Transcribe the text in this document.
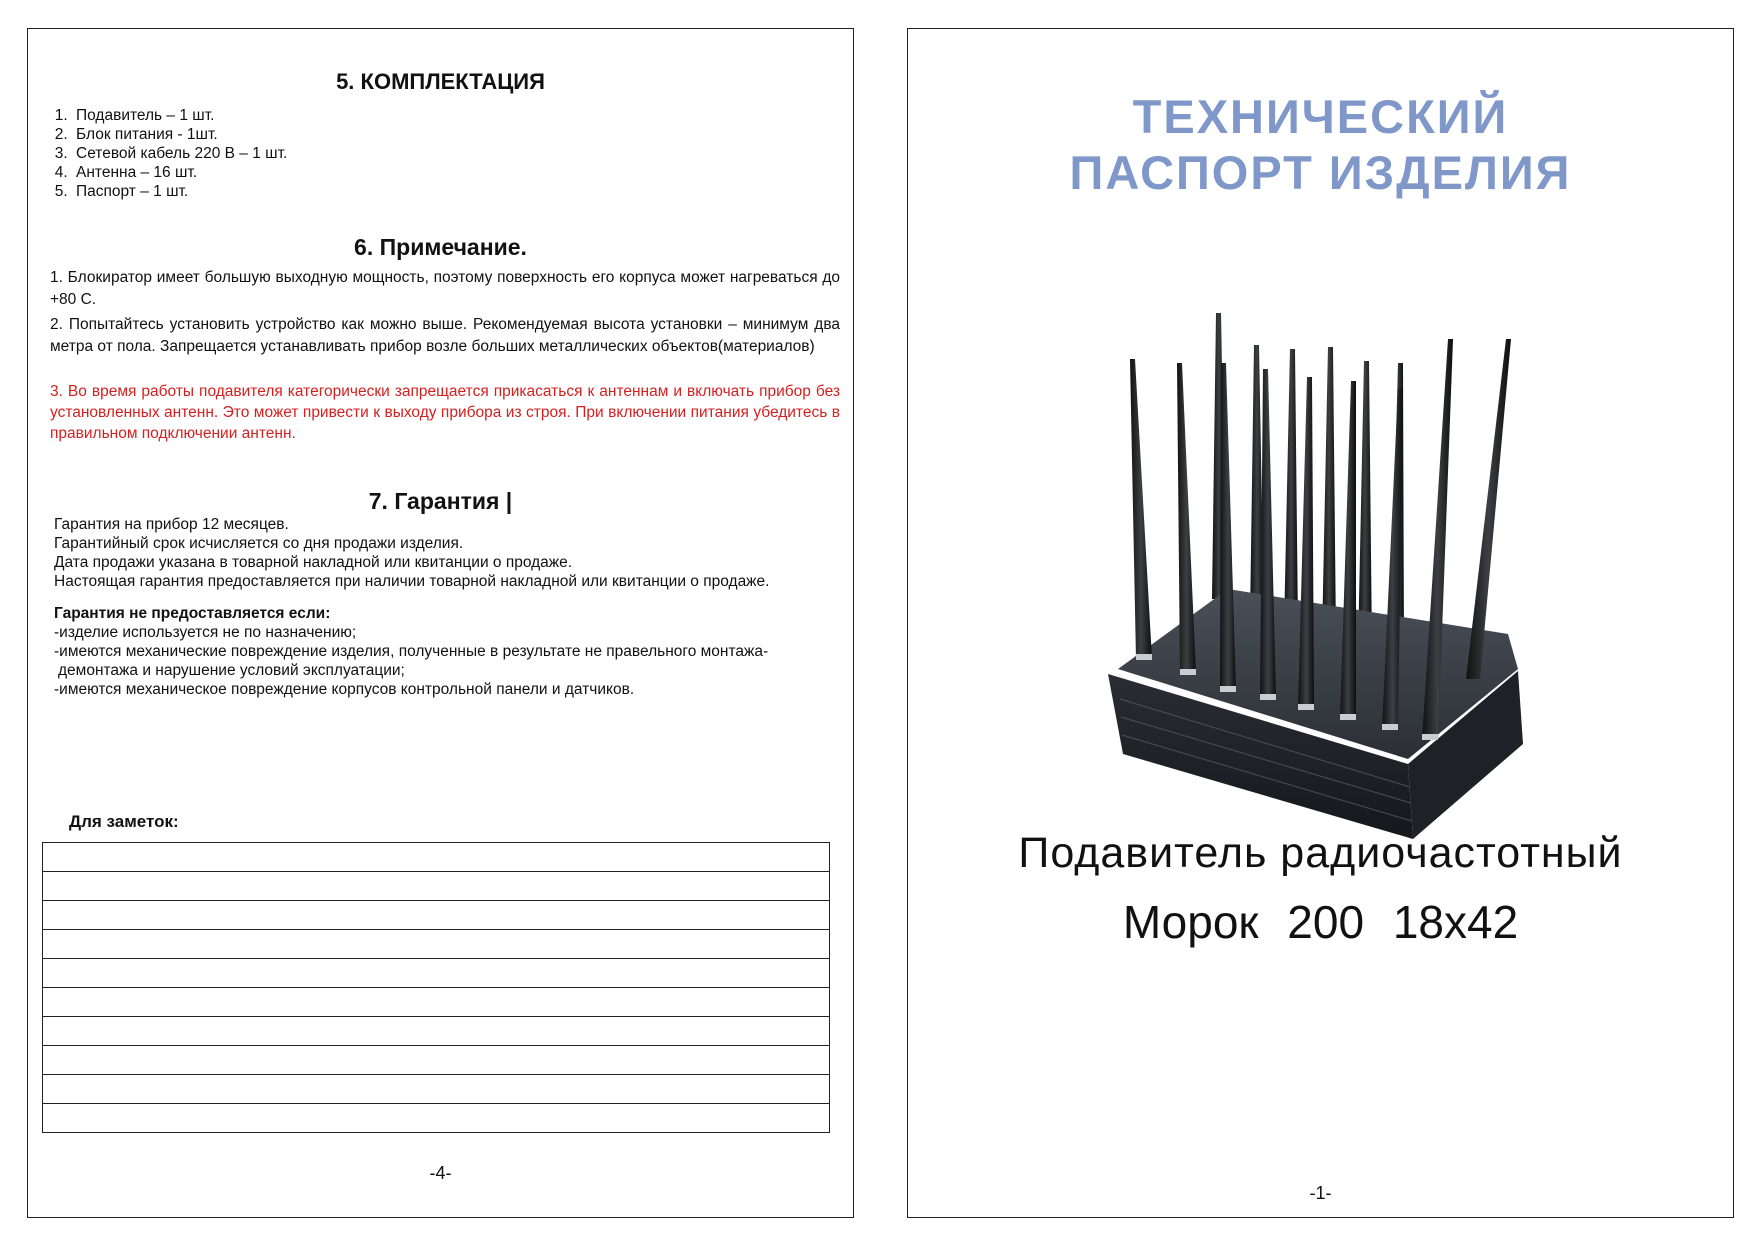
5. КОМПЛЕКТАЦИЯ
1. Подавитель – 1 шт.
2. Блок питания - 1шт.
3. Сетевой кабель 220 В – 1 шт.
4. Антенна – 16 шт.
5. Паспорт – 1 шт.
6. Примечание.
1. Блокиратор имеет большую выходную мощность, поэтому поверхность его корпуса может нагреваться до +80 С.
2. Попытайтесь установить устройство как можно выше. Рекомендуемая высота установки – минимум два метра от пола. Запрещается устанавливать прибор возле больших металлических объектов(материалов)
3. Во время работы подавителя категорически запрещается прикасаться к антеннам и включать прибор без установленных антенн. Это может привести к выходу прибора из строя. При включении питания убедитесь в правильном подключении антенн.
7. Гарантия |
Гарантия на прибор 12 месяцев.
Гарантийный срок исчисляется со дня продажи изделия.
Дата продажи указана в товарной накладной или квитанции о продаже.
Настоящая гарантия предоставляется при наличии товарной накладной или квитанции о продаже.
Гарантия не предоставляется если:
-изделие используется не по назначению;
-имеются механические повреждение изделия, полученные в результате не правельного монтажа-
демонтажа и нарушение условий эксплуатации;
-имеются механическое повреждение корпусов контрольной панели и датчиков.
Для заметок:

-4-
ТЕХНИЧЕСКИЙ
ПАСПОРТ ИЗДЕЛИЯ
Подавитель радиочастотный
Морок 200 18x42
-1-
